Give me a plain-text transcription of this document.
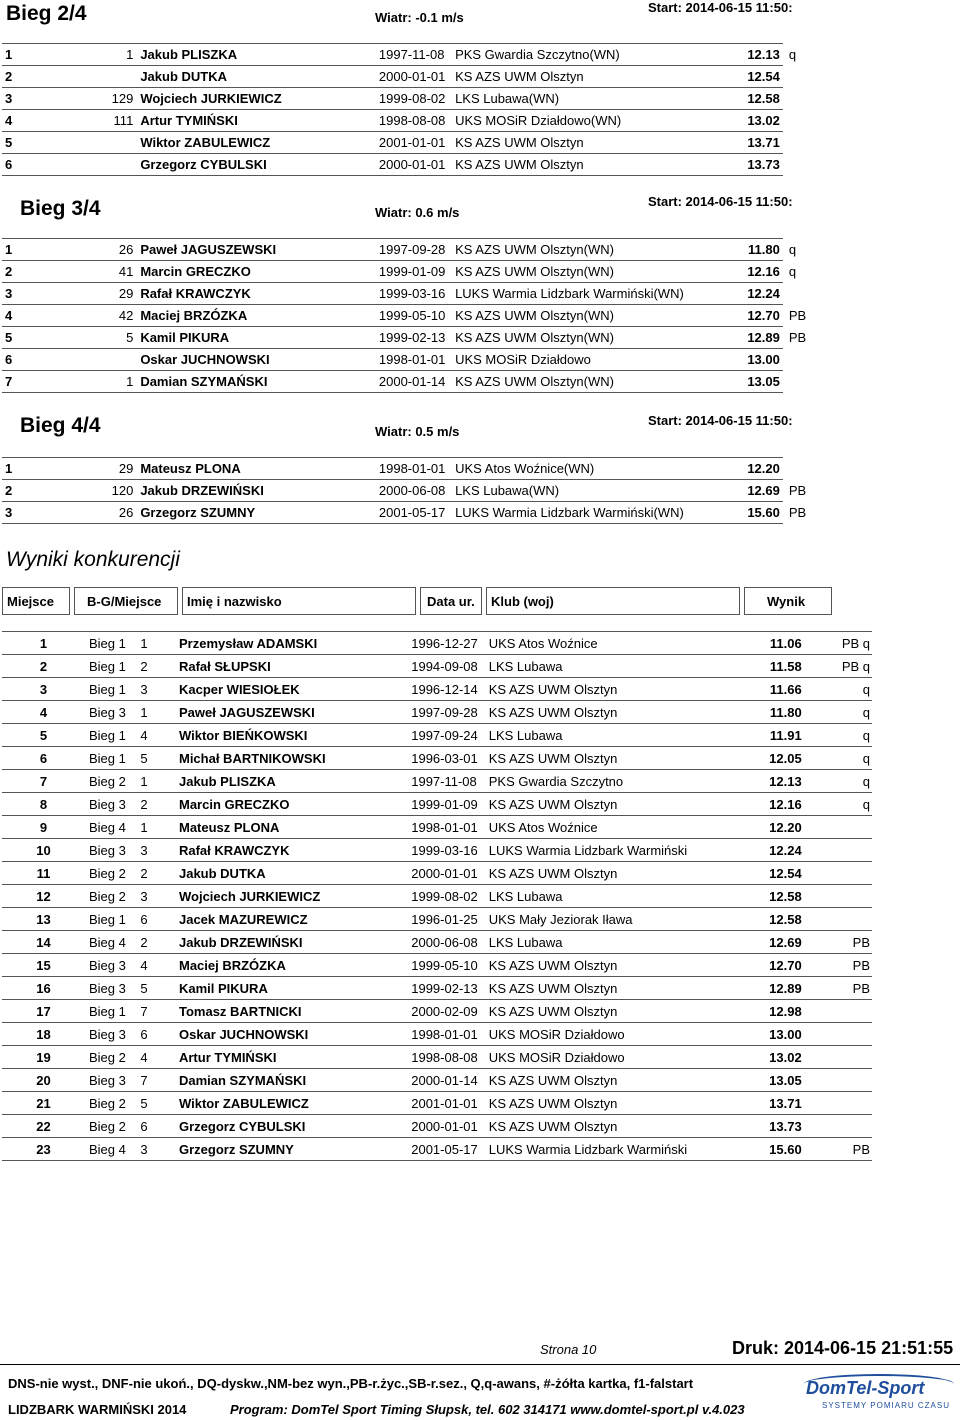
Bieg 2/4	Wiatr: -0.1 m/s
Start: 2014-06-15 11:50:
1	1	Jakub PLISZKA	1997-11-08	PKS Gwardia Szczytno(WN)	12.13	q
2		Jakub DUTKA	2000-01-01	KS AZS UWM Olsztyn	12.54	
3	129	Wojciech JURKIEWICZ	1999-08-02	LKS Lubawa(WN)	12.58	
4	111	Artur TYMIŃSKI	1998-08-08	UKS MOSiR Działdowo(WN)	13.02	
5		Wiktor ZABULEWICZ	2001-01-01	KS AZS UWM Olsztyn	13.71	
6		Grzegorz CYBULSKI	2000-01-01	KS AZS UWM Olsztyn	13.73	
Bieg 3/4	Wiatr: 0.6 m/s
Start: 2014-06-15 11:50:
1	26	Paweł JAGUSZEWSKI	1997-09-28	KS AZS UWM Olsztyn(WN)	11.80	q
2	41	Marcin GRECZKO	1999-01-09	KS AZS UWM Olsztyn(WN)	12.16	q
3	29	Rafał KRAWCZYK	1999-03-16	LUKS Warmia Lidzbark Warmiński(WN)	12.24	
4	42	Maciej BRZÓZKA	1999-05-10	KS AZS UWM Olsztyn(WN)	12.70	PB
5	5	Kamil PIKURA	1999-02-13	KS AZS UWM Olsztyn(WN)	12.89	PB
6		Oskar JUCHNOWSKI	1998-01-01	UKS MOSiR Działdowo	13.00	
7	1	Damian SZYMAŃSKI	2000-01-14	KS AZS UWM Olsztyn(WN)	13.05	
Bieg 4/4	Wiatr: 0.5 m/s
Start: 2014-06-15 11:50:
1	29	Mateusz PLONA	1998-01-01	UKS Atos Woźnice(WN)	12.20	
2	120	Jakub DRZEWIŃSKI	2000-06-08	LKS Lubawa(WN)	12.69	PB
3	26	Grzegorz SZUMNY	2001-05-17	LUKS Warmia Lidzbark Warmiński(WN)	15.60	PB
Wyniki konkurencji
Miejsce	B-G/Miejsce	Imię i nazwisko	Data ur.	Klub (woj)	Wynik
1	Bieg 1	1	Przemysław ADAMSKI	1996-12-27	UKS Atos Woźnice	11.06	PB q
2	Bieg 1	2	Rafał SŁUPSKI	1994-09-08	LKS Lubawa	11.58	PB q
3	Bieg 1	3	Kacper WIESIOŁEK	1996-12-14	KS AZS UWM Olsztyn	11.66	q
4	Bieg 3	1	Paweł JAGUSZEWSKI	1997-09-28	KS AZS UWM Olsztyn	11.80	q
5	Bieg 1	4	Wiktor BIEŃKOWSKI	1997-09-24	LKS Lubawa	11.91	q
6	Bieg 1	5	Michał BARTNIKOWSKI	1996-03-01	KS AZS UWM Olsztyn	12.05	q
7	Bieg 2	1	Jakub PLISZKA	1997-11-08	PKS Gwardia Szczytno	12.13	q
8	Bieg 3	2	Marcin GRECZKO	1999-01-09	KS AZS UWM Olsztyn	12.16	q
9	Bieg 4	1	Mateusz PLONA	1998-01-01	UKS Atos Woźnice	12.20	
10	Bieg 3	3	Rafał KRAWCZYK	1999-03-16	LUKS Warmia Lidzbark Warmiński	12.24	
11	Bieg 2	2	Jakub DUTKA	2000-01-01	KS AZS UWM Olsztyn	12.54	
12	Bieg 2	3	Wojciech JURKIEWICZ	1999-08-02	LKS Lubawa	12.58	
13	Bieg 1	6	Jacek MAZUREWICZ	1996-01-25	UKS Mały Jeziorak Iława	12.58	
14	Bieg 4	2	Jakub DRZEWIŃSKI	2000-06-08	LKS Lubawa	12.69	PB
15	Bieg 3	4	Maciej BRZÓZKA	1999-05-10	KS AZS UWM Olsztyn	12.70	PB
16	Bieg 3	5	Kamil PIKURA	1999-02-13	KS AZS UWM Olsztyn	12.89	PB
17	Bieg 1	7	Tomasz BARTNICKI	2000-02-09	KS AZS UWM Olsztyn	12.98	
18	Bieg 3	6	Oskar JUCHNOWSKI	1998-01-01	UKS MOSiR Działdowo	13.00	
19	Bieg 2	4	Artur TYMIŃSKI	1998-08-08	UKS MOSiR Działdowo	13.02	
20	Bieg 3	7	Damian SZYMAŃSKI	2000-01-14	KS AZS UWM Olsztyn	13.05	
21	Bieg 2	5	Wiktor ZABULEWICZ	2001-01-01	KS AZS UWM Olsztyn	13.71	
22	Bieg 2	6	Grzegorz CYBULSKI	2000-01-01	KS AZS UWM Olsztyn	13.73	
23	Bieg 4	3	Grzegorz SZUMNY	2001-05-17	LUKS Warmia Lidzbark Warmiński	15.60	PB
Strona 10	Druk: 2014-06-15 21:51:55
DNS-nie wyst., DNF-nie ukoń., DQ-dyskw.,NM-bez wyn.,PB-r.życ.,SB-r.sez., Q,q-awans, #-żółta kartka, f1-falstart
LIDZBARK WARMIŃSKI 2014	Program: DomTel Sport Timing Słupsk, tel. 602 314171 www.domtel-sport.pl v.4.023
DomTel-Sport
SYSTEMY POMIARU CZASU
